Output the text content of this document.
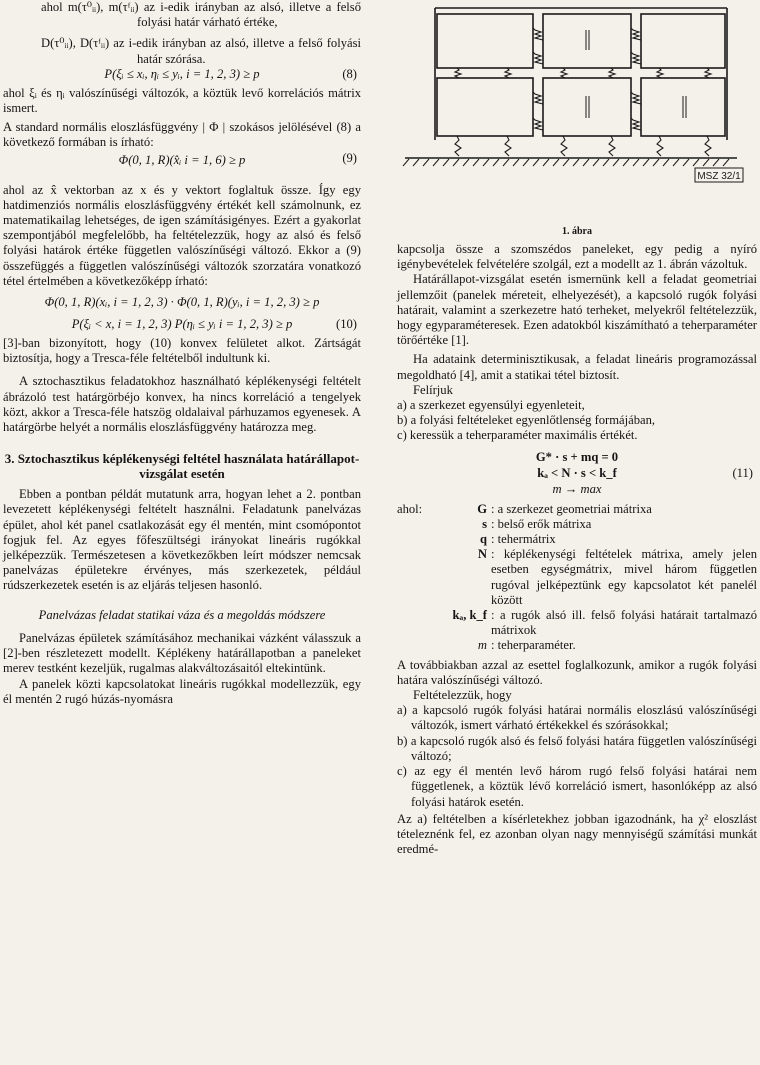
ahol m(τ⁰ᵢᵢ), m(τᶠᵢᵢ) az i-edik irányban az alsó, illetve a felső folyási határ várható értéke,

D(τ⁰ᵢᵢ), D(τᶠᵢᵢ) az i-edik irányban az alsó, illetve a felső folyási határ szórása.

P(ξᵢ ≤ xᵢ, ηᵢ ≤ yᵢ, i = 1, 2, 3) ≥ p	(8)

ahol ξᵢ és ηᵢ valószínűségi változók, a köztük levő korrelációs mátrix ismert.

A standard normális eloszlásfüggvény | Φ | szokásos jelölésével (8) a következő formában is írható:

Φ(0, 1, R)(x̂ᵢ i = 1, 6) ≥ p	(9)

ahol az x̂ vektorban az x és y vektort foglaltuk össze. Így egy hatdimenziós normális eloszlásfüggvény értékét kell számolnunk, ez matematikailag lehetséges, de igen számításigényes. Ezért a gyakorlat szempontjából megfelelőbb, ha feltételezzük, hogy az alsó és felső folyási határok értéke független valószínűségi változó. Ekkor a (9) összefüggés a független valószínűségi változók szorzatára vonatkozó tétel értelmében a következőképp írható:

Φ(0, 1, R)(xᵢ, i = 1, 2, 3) · Φ(0, 1, R)(yᵢ, i = 1, 2, 3) ≥ p
P(ξᵢ < x, i = 1, 2, 3) P(ηᵢ ≤ yᵢ i = 1, 2, 3) ≥ p	(10)

[3]-ban bizonyított, hogy (10) konvex felületet alkot. Zártságát biztosítja, hogy a Tresca-féle feltételből indultunk ki.

A sztochasztikus feladatokhoz használható képlékenységi feltételt ábrázoló test határgörbéjo konvex, ha nincs korreláció a tengelyek közt, akkor a Tresca-féle hatszög oldalaival párhuzamos egyenesek. A határgörbe helyét a normális eloszlásfüggvény határozza meg.

3. Sztochasztikus képlékenységi feltétel használata határállapot-vizsgálat esetén

Ebben a pontban példát mutatunk arra, hogyan lehet a 2. pontban levezetett képlékenységi feltételt használni. Feladatunk panelvázas épület, ahol két panel csatlakozását egy él mentén, mint csomópontot fogjuk fel. Az egyes főfeszültségi irányokat lineáris rugókkal jelképezzük. Természetesen a következőkben leírt módszer nemcsak panelvázas épületekre érvényes, más szerkezetek, például rúdszerkezetek esetén is az eljárás teljesen hasonló.

Panelvázas feladat statikai váza és a megoldás módszere

Panelvázas épületek számításához mechanikai vázként válasszuk a [2]-ben részletezett modellt. Képlékeny határállapotban a paneleket merev testként kezeljük, rugalmas alakváltozásaitól eltekintünk.

A panelek közti kapcsolatokat lineáris rugókkal modellezzük, egy él mentén 2 rugó húzás-nyomásra

MSZ 32/1
1. ábra

kapcsolja össze a szomszédos paneleket, egy pedig a nyíró igénybevételek felvételére szolgál, ezt a modellt az 1. ábrán vázoltuk.

Határállapot-vizsgálat esetén ismernünk kell a feladat geometriai jellemzőit (panelek méreteit, elhelyezését), a kapcsoló rugók folyási határait, valamint a szerkezetre ható terheket, melyekről feltételezzük, hogy egyparaméteresek. Ezen adatokból kiszámítható a teherparaméter törőértéke [1].

Ha adataink determinisztikusak, a feladat lineáris programozással megoldható [4], amit a statikai tétel biztosít.

Felírjuk

a) a szerkezet egyensúlyi egyenleteit,

b) a folyási feltételeket egyenlőtlenség formájában,

c) keressük a teherparaméter maximális értékét.

G* · s + mq = 0
kₐ < N · s < k_f	(11)
m → max
ahol:	G : a szerkezet geometriai mátrixa
s : belső erők mátrixa
q : tehermátrix
N : képlékenységi feltételek mátrixa, amely jelen esetben egységmátrix, mivel három független rugóval jelképeztünk egy kapcsolatot két panelél között
kₐ, k_f : a rugók alsó ill. felső folyási határait tartalmazó mátrixok
m : teherparaméter.

A továbbiakban azzal az esettel foglalkozunk, amikor a rugók folyási határa valószínűségi változó.

Feltételezzük, hogy

a) a kapcsoló rugók folyási határai normális eloszlású valószínűségi változók, ismert várható értékekkel és szórásokkal;

b) a kapcsoló rugók alsó és felső folyási határa független valószínűségi változó;

c) az egy él mentén levő három rugó felső folyási határai nem függetlenek, a köztük lévő korreláció ismert, hasonlóképp az alsó folyási határok esetén.

Az a) feltételben a kísérletekhez jobban igazodnánk, ha χ² eloszlást tételeznénk fel, ez azonban olyan nagy mennyiségű számítási munkát eredmé-
